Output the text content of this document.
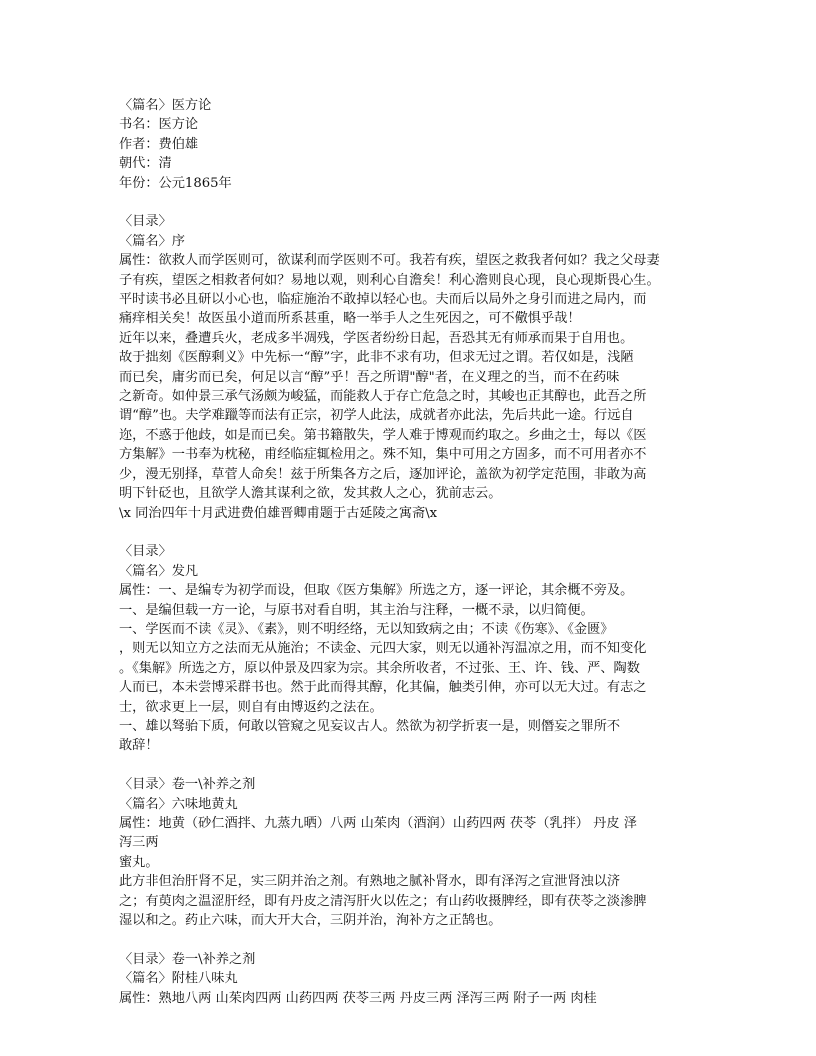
〈篇名〉医方论
书名：医方论
作者：费伯雄
朝代：清
年份：公元1865年
〈目录〉
〈篇名〉序
属性：欲救人而学医则可，欲谋利而学医则不可。我若有疾，望医之救我者何如？我之父母妻
子有疾，望医之相救者何如？易地以观，则利心自澹矣！利心澹则良心现，良心现斯畏心生。
平时读书必且研以小心也，临症施治不敢掉以轻心也。夫而后以局外之身引而进之局内，而
痛痒相关矣！故医虽小道而所系甚重，略一举手人之生死因之，可不儆惧乎哉！
近年以来，叠遭兵火，老成多半凋残，学医者纷纷日起，吾恐其无有师承而果于自用也。
故于拙刻《医醇剩义》中先标一“醇”字，此非不求有功，但求无过之谓。若仅如是，浅陋
而已矣，庸劣而已矣，何足以言“醇”乎！吾之所谓"醇"者，在义理之的当，而不在药味
之新奇。如仲景三承气汤颇为峻猛，而能救人于存亡危急之时，其峻也正其醇也，此吾之所
谓“醇”也。夫学难躐等而法有正宗，初学人此法，成就者亦此法，先后共此一途。行远自
迩，不惑于他歧，如是而已矣。第书籍散失，学人难于博观而约取之。乡曲之士，每以《医
方集解》一书奉为枕秘，甫经临症辄检用之。殊不知，集中可用之方固多，而不可用者亦不
少，漫无别择，草菅人命矣！兹于所集各方之后，逐加评论，盖欲为初学定范围，非敢为高
明下针砭也，且欲学人澹其谋利之欲，发其救人之心，犹前志云。
\x 同治四年十月武进费伯雄晋卿甫题于古延陵之寓斋\x
〈目录〉
〈篇名〉发凡
属性：一、是编专为初学而设，但取《医方集解》所选之方，逐一评论，其余概不旁及。
一、是编但载一方一论，与原书对看自明，其主治与注释，一概不录，以归简便。
一、学医而不读《灵》、《素》，则不明经络，无以知致病之由；不读《伤寒》、《金匮》
，则无以知立方之法而无从施治；不读金、元四大家，则无以通补泻温凉之用，而不知变化
。《集解》所选之方，原以仲景及四家为宗。其余所收者，不过张、王、许、钱、严、陶数
人而已，本未尝博采群书也。然于此而得其醇，化其偏，触类引伸，亦可以无大过。有志之
士，欲求更上一层，则自有由博返约之法在。
一、雄以驽骀下质，何敢以管窥之见妄议古人。然欲为初学折衷一是，则僭妄之罪所不
敢辞！
〈目录〉卷一\补养之剂
〈篇名〉六味地黄丸
属性：地黄（砂仁酒拌、九蒸九晒）八两 山茱肉（酒润）山药四两 茯苓（乳拌） 丹皮 泽
泻三两
蜜丸。
此方非但治肝肾不足，实三阴并治之剂。有熟地之腻补肾水，即有泽泻之宣泄肾浊以济
之；有萸肉之温涩肝经，即有丹皮之清泻肝火以佐之；有山药收摄脾经，即有茯苓之淡渗脾
湿以和之。药止六味，而大开大合，三阴并治，洵补方之正鹄也。
〈目录〉卷一\补养之剂
〈篇名〉附桂八味丸
属性：熟地八两 山茱肉四两 山药四两 茯苓三两 丹皮三两 泽泻三两 附子一两 肉桂
